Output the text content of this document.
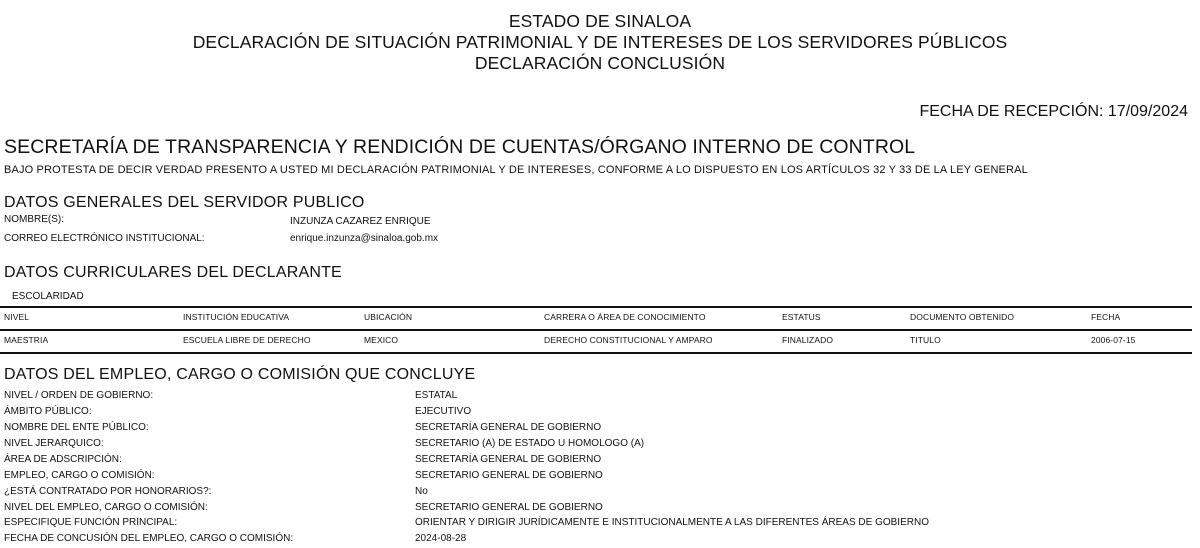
ESTADO DE SINALOA
DECLARACIÓN DE SITUACIÓN PATRIMONIAL Y DE INTERESES DE LOS SERVIDORES PÚBLICOS
DECLARACIÓN CONCLUSIÓN
FECHA DE RECEPCIÓN: 17/09/2024
SECRETARÍA DE TRANSPARENCIA Y RENDICIÓN DE CUENTAS/ÓRGANO INTERNO DE CONTROL
BAJO PROTESTA DE DECIR VERDAD PRESENTO A USTED MI DECLARACIÓN PATRIMONIAL Y DE INTERESES, CONFORME A LO DISPUESTO EN LOS ARTÍCULOS 32 Y 33 DE LA LEY GENERAL
DATOS GENERALES DEL SERVIDOR PUBLICO
NOMBRE(S):	INZUNZA CAZAREZ ENRIQUE
CORREO ELECTRÓNICO INSTITUCIONAL:	enrique.inzunza@sinaloa.gob.mx
DATOS CURRICULARES DEL DECLARANTE
ESCOLARIDAD
NIVEL	INSTITUCIÓN EDUCATIVA	UBICACIÓN	CARRERA O ÁREA DE CONOCIMIENTO	ESTATUS	DOCUMENTO OBTENIDO	FECHA
MAESTRIA	ESCUELA LIBRE DE DERECHO	MEXICO	DERECHO CONSTITUCIONAL Y AMPARO	FINALIZADO	TITULO	2006-07-15
DATOS DEL EMPLEO, CARGO O COMISIÓN QUE CONCLUYE
NIVEL / ORDEN DE GOBIERNO:	ESTATAL
ÁMBITO PÚBLICO:	EJECUTIVO
NOMBRE DEL ENTE PÚBLICO:	SECRETARÍA GENERAL DE GOBIERNO
NIVEL JERARQUICO:	SECRETARIO (A) DE ESTADO U HOMOLOGO (A)
ÁREA DE ADSCRIPCIÓN:	SECRETARÍA GENERAL DE GOBIERNO
EMPLEO, CARGO O COMISIÓN:	SECRETARIO GENERAL DE GOBIERNO
¿ESTÁ CONTRATADO POR HONORARIOS?:	No
NIVEL DEL EMPLEO, CARGO O COMISIÓN:	SECRETARIO GENERAL DE GOBIERNO
ESPECIFIQUE FUNCIÓN PRINCIPAL:	ORIENTAR Y DIRIGIR JURÍDICAMENTE E INSTITUCIONALMENTE A LAS DIFERENTES ÁREAS DE GOBIERNO
FECHA DE CONCUSIÓN DEL EMPLEO, CARGO O COMISIÓN:	2024-08-28
